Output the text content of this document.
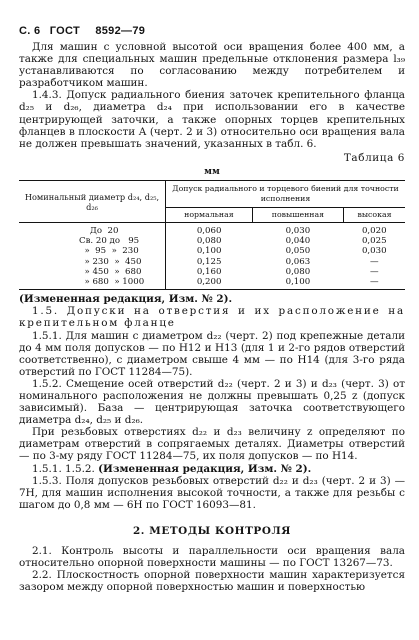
С. 6 ГОСТ 8592—79

Для машин с условной высотой оси вращения более 400 мм, а также для специальных машин предельные отклонения размера l₃₉ устанавливаются по согласованию между потребителем и разработчиком машин.

1.4.3. Допуск радиального биения заточек крепительного фланца d₂₅ и d₂₆, диаметра d₂₄ при использовании его в качестве центрирующей заточки, а также опорных торцев крепительных фланцев в плоскости А (черт. 2 и 3) относительно оси вращения вала не должен превышать значений, указанных в табл. 6.

Таблица 6

мм

Номинальный диаметр d₂₄, d₂₅, d₂₆	Допуск радиального и торцевого биений для точности исполнения		
	нормальная	повышенная	высокая
До  20	0,060	0,030	0,020
Св. 20 до   95	0,080	0,040	0,025
»  95  »  230	0,100	0,050	0,030
» 230  »  450	0,125	0,063	—
» 450  »  680	0,160	0,080	—
» 680  » 1000	0,200	0,100	—

(Измененная редакция, Изм. № 2).

1.5. Допуски на отверстия и их расположение на крепительном фланце

1.5.1. Для машин с диаметром d₂₂ (черт. 2) под крепежные детали до 4 мм поля допусков — по Н12 и Н13 (для 1 и 2-го рядов отверстий соответственно), с диаметром свыше 4 мм — по Н14 (для 3-го ряда отверстий по ГОСТ 11284—75).

1.5.2. Смещение осей отверстий d₂₂ (черт. 2 и 3) и d₂₃ (черт. 3) от номинального расположения не должны превышать 0,25 z (допуск зависимый). База — центрирующая заточка соответствующего диаметра d₂₄, d₂₅ и d₂₆.

При резьбовых отверстиях d₂₂ и d₂₃ величину z определяют по диаметрам отверстий в сопрягаемых деталях. Диаметры отверстий — по 3-му ряду ГОСТ 11284—75, их поля допусков — по Н14.

1.5.1. 1.5.2. (Измененная редакция, Изм. № 2).

1.5.3. Поля допусков резьбовых отверстий d₂₂ и d₂₃ (черт. 2 и 3) — 7Н, для машин исполнения высокой точности, а также для резьбы с шагом до 0,8 мм — 6Н по ГОСТ 16093—81.

2. МЕТОДЫ КОНТРОЛЯ

2.1. Контроль высоты и параллельности оси вращения вала относительно опорной поверхности машины — по ГОСТ 13267—73.

2.2. Плоскостность опорной поверхности машин характеризуется зазором между опорной поверхностью машин и поверхностью
